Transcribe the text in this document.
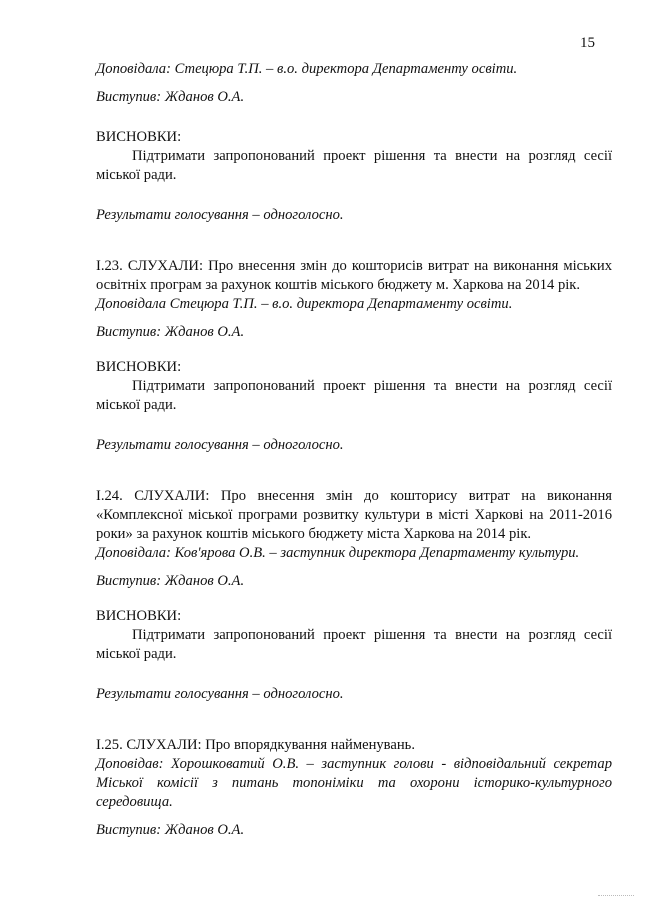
15

Доповідала: Стецюра Т.П. – в.о. директора Департаменту освіти.

Виступив: Жданов О.А.

ВИСНОВКИ:

Підтримати запропонований проект рішення та внести на розгляд сесії міської ради.

Результати голосування – одноголосно.

І.23. СЛУХАЛИ: Про внесення змін до кошторисів витрат на виконання міських освітніх програм за рахунок коштів міського бюджету м. Харкова на 2014 рік.

Доповідала Стецюра Т.П. – в.о. директора Департаменту освіти.

Виступив: Жданов О.А.

ВИСНОВКИ:

Підтримати запропонований проект рішення та внести на розгляд сесії міської ради.

Результати голосування – одноголосно.

І.24. СЛУХАЛИ: Про внесення змін до кошторису витрат на виконання «Комплексної міської програми розвитку культури в місті Харкові на 2011-2016 роки» за рахунок коштів міського бюджету міста Харкова на 2014 рік.

Доповідала: Ков'ярова О.В. – заступник директора Департаменту культури.

Виступив: Жданов О.А.

ВИСНОВКИ:

Підтримати запропонований проект рішення та внести на розгляд сесії міської ради.

Результати голосування – одноголосно.

І.25. СЛУХАЛИ: Про впорядкування найменувань.

Доповідав: Хорошковатий О.В. – заступник голови - відповідальний секретар Міської комісії з питань топоніміки та охорони історико-культурного середовища.

Виступив: Жданов О.А.
